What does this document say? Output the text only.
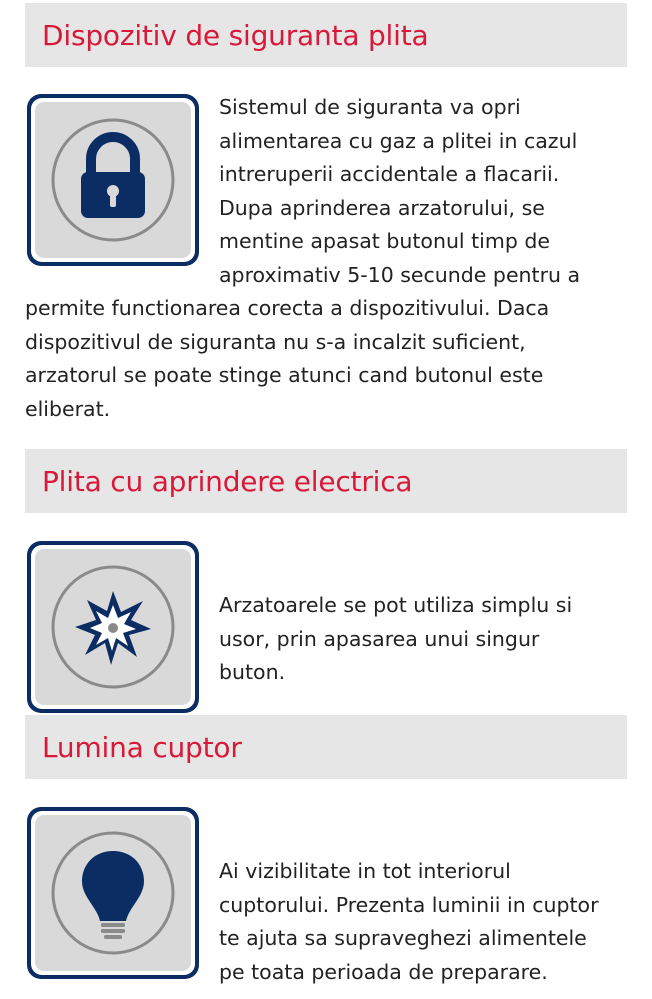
Dispozitiv de siguranta plita

Sistemul de siguranta va opri

alimentarea cu gaz a plitei in cazul

intreruperii accidentale a flacarii.

Dupa aprinderea arzatorului, se

mentine apasat butonul timp de

aproximativ 5-10 secunde pentru a

permite functionarea corecta a dispozitivului. Daca

dispozitivul de siguranta nu s-a incalzit suficient,

arzatorul se poate stinge atunci cand butonul este

eliberat.

Plita cu aprindere electrica

Arzatoarele se pot utiliza simplu si

usor, prin apasarea unui singur

buton.

Lumina cuptor

Ai vizibilitate in tot interiorul

cuptorului. Prezenta luminii in cuptor

te ajuta sa supraveghezi alimentele

pe toata perioada de preparare.
